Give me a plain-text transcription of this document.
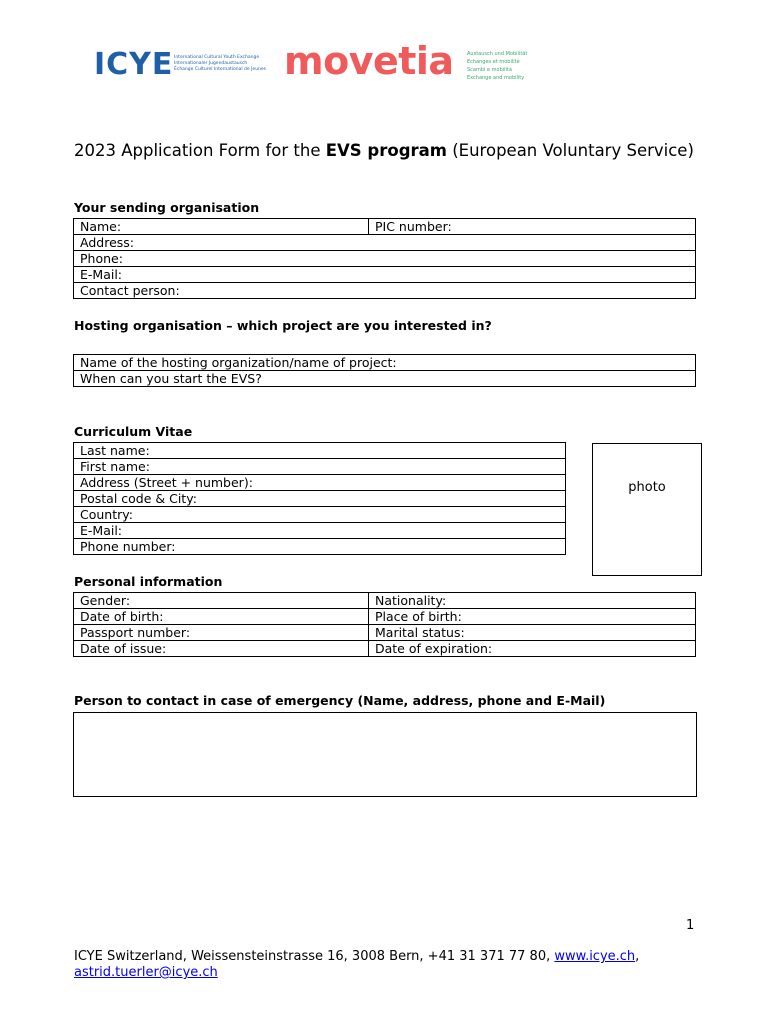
ICYE International Cultural Youth Exchange
Internationaler Jugendaustausch
Échange Culturel International de Jeunes movetia	Austausch und Mobilität
Echanges et mobilité
Scambi e mobilità
Exchange and mobility
2023 Application Form for the EVS program (European Voluntary Service)
Your sending organisation
Name:	PIC number:
Address:
Phone:
E-Mail:
Contact person:
Hosting organisation – which project are you interested in?
Name of the hosting organization/name of project:
When can you start the EVS?
Curriculum Vitae
Last name:
First name:
Address (Street + number):
Postal code & City:
Country:
E-Mail:
Phone number:
photo
Personal information
Gender:	Nationality:
Date of birth:	Place of birth:
Passport number:	Marital status:
Date of issue:	Date of expiration:
Person to contact in case of emergency (Name, address, phone and E-Mail)
1
ICYE Switzerland, Weissensteinstrasse 16, 3008 Bern, +41 31 371 77 80, www.icye.ch,
astrid.tuerler@icye.ch
